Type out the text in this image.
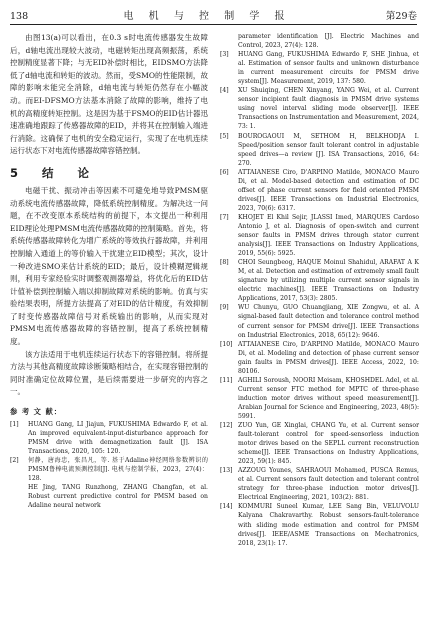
138	电 机 与 控 制 学 报	第29卷

由图13(a)可以看出，在0.3 s时电流传感器发生故障后，d轴电流出现较大波动，电磁转矩出现高频振荡，系统控制精度显著下降；与无EID补偿时相比，EIDSMO方法降低了d轴电流和转矩的波动。然而，受SMO的性能限制，故障的影响未能完全消除，d轴电流与转矩仍然存在小幅波动。而EI-DFSMO方法基本消除了故障的影响，维持了电机的高精度转矩控制。这是因为基于FSMO的EID估计器迅速准确地跟踪了传感器故障的EID，并将其在控制输入端进行消除。这确保了电机的安全稳定运行，实现了在电机连续运行状态下对电流传感器故障容错控制。

5 结 论

电磁干扰、振动冲击等因素不可避免地导致PMSM驱动系统电流传感器故障，降低系统控制精度。为解决这一问题，在不改变原本系统结构的前提下，本文提出一种利用EID理论处理PMSM电流传感器故障的控制策略。首先，将系统传感器故障转化为增广系统的等效执行器故障，并利用控制输入通道上的等价输入干扰建立EID模型；其次，设计一种改进SMO来估计系统的EID；最后，设计模糊逻辑规则，利用专家经验实时调整观测器增益，将优化后的EID估计值补偿到控制输入端以抑制故障对系统的影响。仿真与实验结果表明，所提方法提高了对EID的估计精度，有效抑制了时变传感器故障信号对系统输出的影响，从而实现对PMSM电流传感器故障的容错控制，提高了系统控制精度。

该方法适用于电机连续运行状态下的容错控制。将所提方法与其他高精度故障诊断策略相结合，在实现容错控制的同时准确定位故障位置，是后续需要进一步研究的内容之一。

参 考 文 献：
[1]	HUANG Gang, LI Jiajun, FUKUSHIMA Edwardo F, et al. An improved equivalent-input-disturbance approach for PMSM drive with demagnetization fault [J]. ISA Transactions, 2020, 105: 120.
[2]	何静，唐海忠，张昌凡，等. 基于Adaline神经网络参数辨识的PMSM鲁棒电流预测控制[J]. 电机与控制学报，2023，27(4)：128.
HE Jing, TANG Runzhong, ZHANG Changfan, et al. Robust current predictive control for PMSM based on Adaline neural network
parameter identification [J]. Electric Machines and Control, 2023, 27(4): 128.
[3]	HUANG Gang, FUKUSHIMA Edwardo F, SHE Jinhua, et al. Estimation of sensor faults and unknown disturbance in current measurement circuits for PMSM drive system[J]. Measurement, 2019, 137: 580.
[4]	XU Shuiqing, CHEN Xinyang, YANG Wei, et al. Current sensor incipient fault diagnosis in PMSM drive systems using novel interval sliding mode observer[J]. IEEE Transactions on Instrumentation and Measurement, 2024, 73: 1.
[5]	BOUROGAOUI M, SETHOM H, BELKHODJA I. Speed/position sensor fault tolerant control in adjustable speed drives—a review [J]. ISA Transactions, 2016, 64: 270.
[6]	ATTAIANESE Ciro, D'ARPINO Matilde, MONACO Mauro Di, et al. Model-based detection and estimation of DC offset of phase current sensors for field oriented PMSM drives[J]. IEEE Transactions on Industrial Electronics, 2023, 70(6): 6317.
[7]	KHOJET El Khil Sejir, JLASSI Imed, MARQUES Cardoso Antonio J, et al. Diagnosis of open-switch and current sensor faults in PMSM drives through stator current analysis[J]. IEEE Transactions on Industry Applications, 2019, 55(6): 5925.
[8]	CHOI Seungbeog, HAQUE Moinul Shahidul, ARAFAT A K M, et al. Detection and estimation of extremely small fault signature by utilizing multiple current sensor signals in electric machines[J]. IEEE Transactions on Industry Applications, 2017, 53(3): 2805.
[9]	WU Chunyu, GUO Chuangjiang, XIE Zongwu, et al. A signal-based fault detection and tolerance control method of current sensor for PMSM drive[J]. IEEE Transactions on Industrial Electronics, 2018, 65(12): 9646.
[10] ATTAIANESE Ciro, D'ARPINO Matilde, MONACO Mauro Di, et al. Modeling and detection of phase current sensor gain faults in PMSM drives[J]. IEEE Access, 2022, 10: 80106.
[11] AGHILI Soroush, NOORI Meisam, KHOSHDEL Adel, et al. Current sensor FTC method for MPTC of three-phase induction motor drives without speed measurement[J]. Arabian Journal for Science and Engineering, 2023, 48(5): 5991.
[12] ZUO Yun, GE Xinglai, CHANG Yu, et al. Current sensor fault-tolerant control for speed-sensorless induction motor drives based on the SEPLL current reconstruction scheme[J]. IEEE Transactions on Industry Applications, 2023, 59(1): 845.
[13] AZZOUG Younes, SAHRAOUI Mohamed, PUSCA Remus, et al. Current sensors fault detection and tolerant control strategy for three-phase induction motor drives[J]. Electrical Engineering, 2021, 103(2): 881.
[14] KOMMURI Suneel Kumar, LEE Sang Bin, VELUVOLU Kalyana Chakravarthy. Robust sensors-fault-tolerance with sliding mode estimation and control for PMSM drives[J]. IEEE/ASME Transactions on Mechatronics, 2018, 23(1): 17.
